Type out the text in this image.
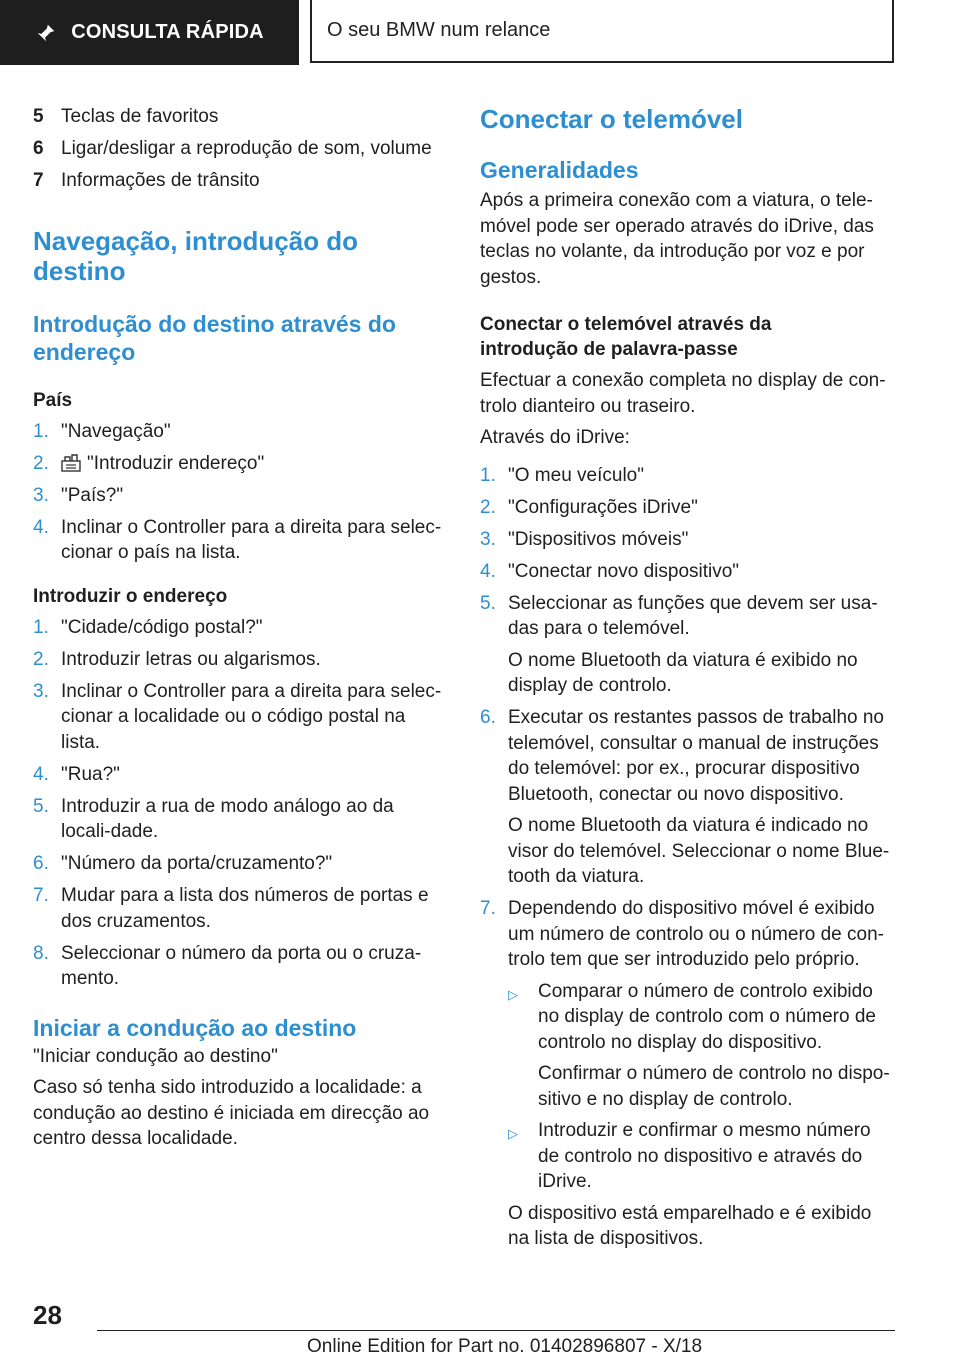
CONSULTA RÁPIDA	O seu BMW num relance
5 Teclas de favoritos
6 Ligar/desligar a reprodução de som, volume
7 Informações de trânsito
Navegação, introdução do destino
Introdução do destino através do endereço
País
1. "Navegação"
2.	"Introduzir endereço"
3. "País?"
4. Inclinar o Controller para a direita para selec-cionar o país na lista.
Introduzir o endereço
1. "Cidade/código postal?"
2. Introduzir letras ou algarismos.
3. Inclinar o Controller para a direita para selec-cionar a localidade ou o código postal na lista.
4. "Rua?"
5. Introduzir a rua de modo análogo ao da locali-dade.
6. "Número da porta/cruzamento?"
7. Mudar para a lista dos números de portas e dos cruzamentos.
8. Seleccionar o número da porta ou o cruza-mento.
Iniciar a condução ao destino

"Iniciar condução ao destino"

Caso só tenha sido introduzido a localidade: a condução ao destino é iniciada em direcção ao centro dessa localidade.

Conectar o telemóvel
Generalidades

Após a primeira conexão com a viatura, o tele-móvel pode ser operado através do iDrive, das teclas no volante, da introdução por voz e por gestos.

Conectar o telemóvel através da introdução de palavra-passe

Efectuar a conexão completa no display de con-trolo dianteiro ou traseiro.

Através do iDrive:

1. "O meu veículo"
2. "Configurações iDrive"
3. "Dispositivos móveis"
4. "Conectar novo dispositivo"
5. Seleccionar as funções que devem ser usa-das para o telemóvel.
O nome Bluetooth da viatura é exibido no display de controlo.
6. Executar os restantes passos de trabalho no telemóvel, consultar o manual de instruções do telemóvel: por ex., procurar dispositivo Bluetooth, conectar ou novo dispositivo.
O nome Bluetooth da viatura é indicado no visor do telemóvel. Seleccionar o nome Blue-tooth da viatura.
7. Dependendo do dispositivo móvel é exibido um número de controlo ou o número de con-trolo tem que ser introduzido pelo próprio.
▷	Comparar o número de controlo exibido no display de controlo com o número de controlo no display do dispositivo.
Confirmar o número de controlo no dispo-sitivo e no display de controlo.
▷	Introduzir e confirmar o mesmo número de controlo no dispositivo e através do iDrive.
O dispositivo está emparelhado e é exibido na lista de dispositivos.
28
Online Edition for Part no. 01402896807 - X/18
